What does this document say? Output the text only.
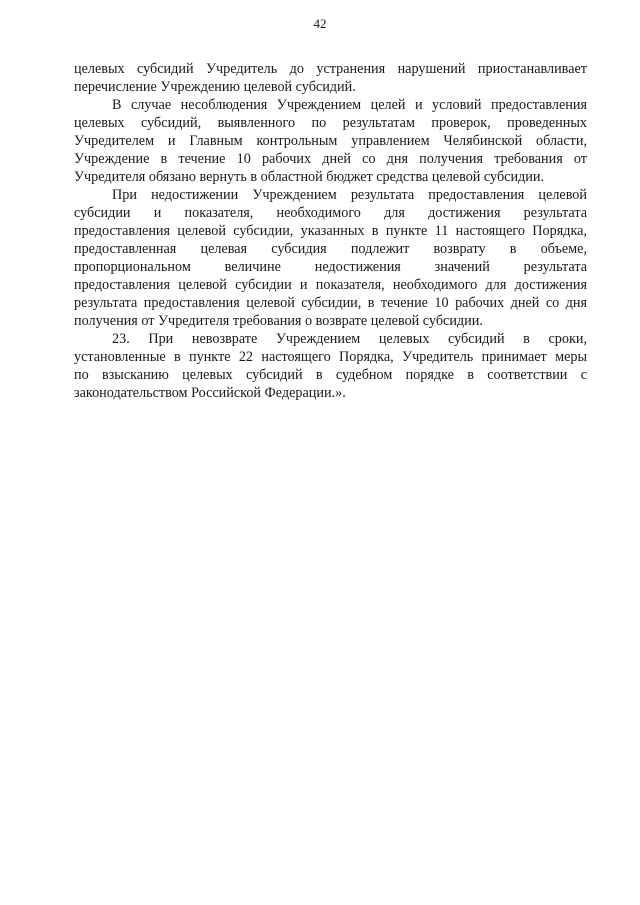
42
целевых субсидий Учредитель до устранения нарушений приостанавливает
перечисление Учреждению целевой субсидий.
В случае несоблюдения Учреждением целей и условий предоставления
целевых субсидий, выявленного по результатам проверок, проведенных
Учредителем и Главным контрольным управлением Челябинской области,
Учреждение в течение 10 рабочих дней со дня получения требования от
Учредителя обязано вернуть в областной бюджет средства целевой субсидии.
При недостижении Учреждением результата предоставления целевой
субсидии и показателя, необходимого для достижения результата
предоставления целевой субсидии, указанных в пункте 11 настоящего Порядка,
предоставленная целевая субсидия подлежит возврату в объеме,
пропорциональном величине недостижения значений результата
предоставления целевой субсидии и показателя, необходимого для достижения
результата предоставления целевой субсидии, в течение 10 рабочих дней со дня
получения от Учредителя требования о возврате целевой субсидии.
23. При невозврате Учреждением целевых субсидий в сроки,
установленные в пункте 22 настоящего Порядка, Учредитель принимает меры
по взысканию целевых субсидий в судебном порядке в соответствии с
законодательством Российской Федерации.».
